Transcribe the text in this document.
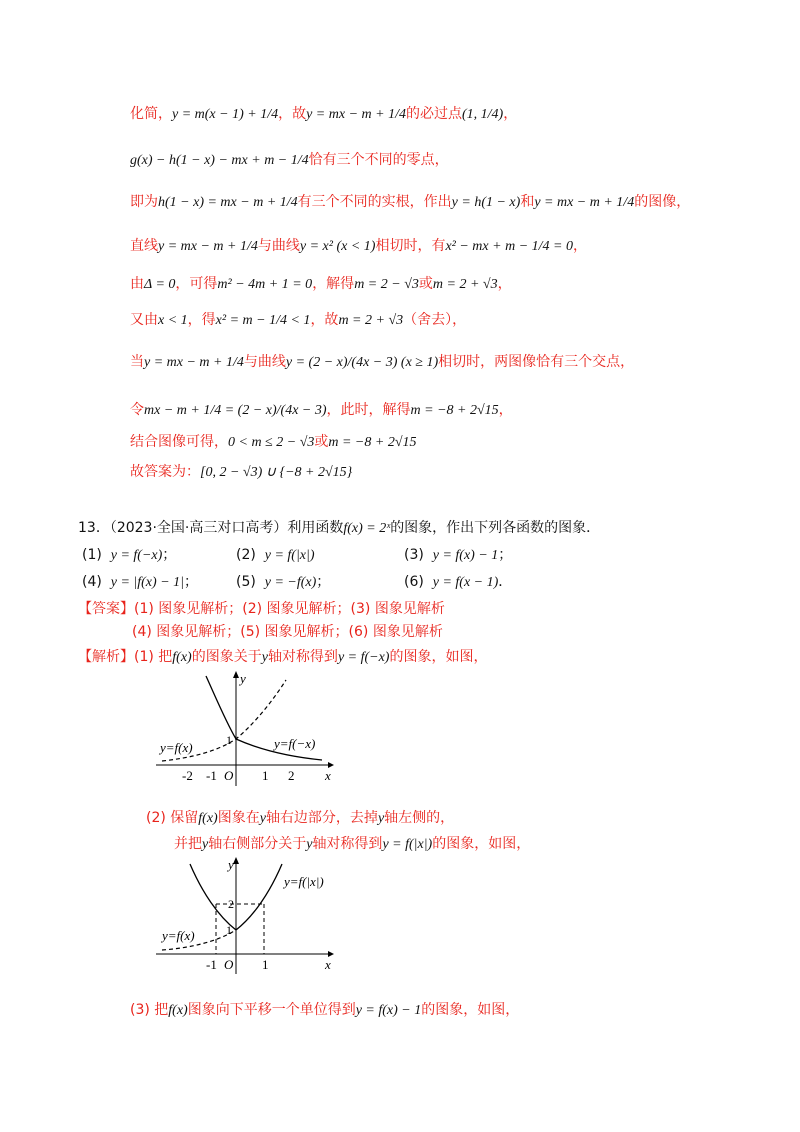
化简，y = m(x − 1) + 1/4，故y = mx − m + 1/4的必过点(1, 1/4)，
g(x) − h(1 − x) − mx + m − 1/4恰有三个不同的零点，
即为h(1 − x) = mx − m + 1/4有三个不同的实根，作出y = h(1 − x)和y = mx − m + 1/4的图像，
直线y = mx − m + 1/4与曲线y = x² (x < 1)相切时，有x² − mx + m − 1/4 = 0，
由Δ = 0，可得m² − 4m + 1 = 0，解得m = 2 − √3或m = 2 + √3，
又由x < 1，得x² = m − 1/4 < 1，故m = 2 + √3（舍去），
当y = mx − m + 1/4与曲线y = (2 − x)/(4x − 3) (x ≥ 1)相切时，两图像恰有三个交点，
令mx − m + 1/4 = (2 − x)/(4x − 3)，此时，解得m = −8 + 2√15，
结合图像可得，0 < m ≤ 2 − √3或m = −8 + 2√15
故答案为：[0, 2 − √3) ∪ {−8 + 2√15}
13．（2023·全国·高三对口高考）利用函数f(x) = 2ˣ的图象，作出下列各函数的图象．
(1) y = f(−x)；	(2) y = f(|x|)	(3) y = f(x) − 1；
(4) y = |f(x) − 1|；	(5) y = −f(x)；	(6) y = f(x − 1)．
【答案】(1) 图象见解析；(2) 图象见解析；(3) 图象见解析
(4) 图象见解析；(5) 图象见解析；(6) 图象见解析
【解析】(1) 把f(x)的图象关于y轴对称得到y = f(−x)的图象，如图，
y
x
O
-2 -1	1 2
1
y=f(x)	y=f(−x)
(2) 保留f(x)图象在y轴右边部分，去掉y轴左侧的，
并把y轴右侧部分关于y轴对称得到y = f(|x|)的图象，如图，
y
x
O
-1	1
1
2
y=f(x)
y=f(|x|)
(3) 把f(x)图象向下平移一个单位得到y = f(x) − 1的图象，如图，
